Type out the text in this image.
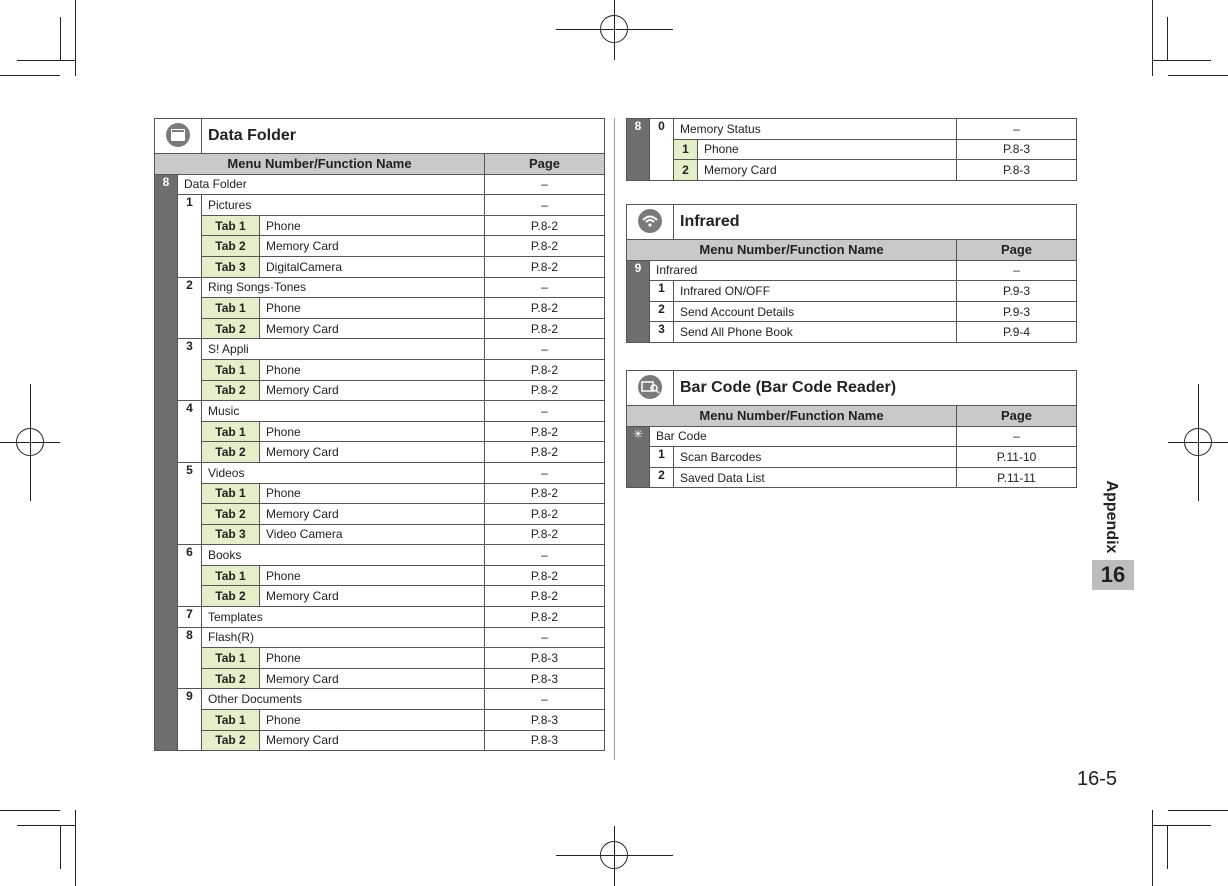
	Data Folder		
Menu Number/Function Name				Page
8	Data Folder			–
	1	Pictures		–
		Tab 1	Phone	P.8-2
		Tab 2	Memory Card	P.8-2
		Tab 3	DigitalCamera	P.8-2
	2	Ring Songs·Tones		–
		Tab 1	Phone	P.8-2
		Tab 2	Memory Card	P.8-2
	3	S! Appli		–
		Tab 1	Phone	P.8-2
		Tab 2	Memory Card	P.8-2
	4	Music		–
		Tab 1	Phone	P.8-2
		Tab 2	Memory Card	P.8-2
	5	Videos		–
		Tab 1	Phone	P.8-2
		Tab 2	Memory Card	P.8-2
		Tab 3	Video Camera	P.8-2
	6	Books		–
		Tab 1	Phone	P.8-2
		Tab 2	Memory Card	P.8-2
	7	Templates		P.8-2
	8	Flash(R)		–
		Tab 1	Phone	P.8-3
		Tab 2	Memory Card	P.8-3
	9	Other Documents		–
		Tab 1	Phone	P.8-3
		Tab 2	Memory Card	P.8-3
8	0	Memory Status		–
		1	Phone	P.8-3
		2	Memory Card	P.8-3
	Infrared	
Menu Number/Function Name			Page
9	Infrared		–
	1	Infrared ON/OFF	P.9-3
	2	Send Account Details	P.9-3
	3	Send All Phone Book	P.9-4
	Bar Code (Bar Code Reader)	
Menu Number/Function Name			Page
✳	Bar Code		–
	1	Scan Barcodes	P.11-10
	2	Saved Data List	P.11-11
Appendix
16
16-5
